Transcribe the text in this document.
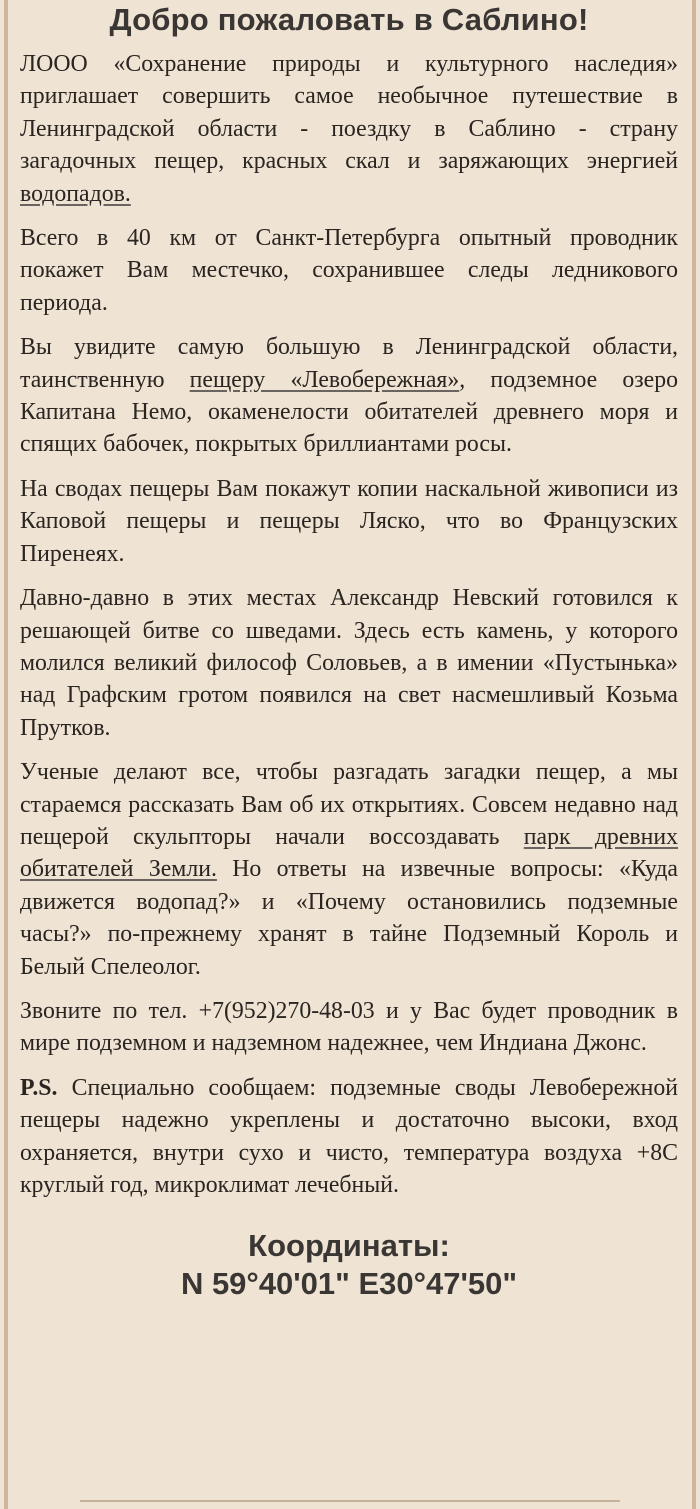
Добро пожаловать в Саблино!

ЛООО «Сохранение природы и культурного наследия» приглашает совершить самое необычное путешествие в Ленинградской области - поездку в Саблино - страну загадочных пещер, красных скал и заряжающих энергией водопадов.

Всего в 40 км от Санкт-Петербурга опытный проводник покажет Вам местечко, сохранившее следы ледникового периода.

Вы увидите самую большую в Ленинградской области, таинственную пещеру «Левобережная», подземное озеро Капитана Немо, окаменелости обитателей древнего моря и спящих бабочек, покрытых бриллиантами росы.

На сводах пещеры Вам покажут копии наскальной живописи из Каповой пещеры и пещеры Ляско, что во Французских Пиренеях.

Давно-давно в этих местах Александр Невский готовился к решающей битве со шведами. Здесь есть камень, у которого молился великий философ Соловьев, а в имении «Пустынька» над Графским гротом появился на свет насмешливый Козьма Прутков.

Ученые делают все, чтобы разгадать загадки пещер, а мы стараемся рассказать Вам об их открытиях. Совсем недавно над пещерой скульпторы начали воссоздавать парк древних обитателей Земли. Но ответы на извечные вопросы: «Куда движется водопад?» и «Почему остановились подземные часы?» по-прежнему хранят в тайне Подземный Король и Белый Спелеолог.

Звоните по тел. +7(952)270-48-03 и у Вас будет проводник в мире подземном и надземном надежнее, чем Индиана Джонс.

P.S. Специально сообщаем: подземные своды Левобережной пещеры надежно укреплены и достаточно высоки, вход охраняется, внутри сухо и чисто, температура воздуха +8С круглый год, микроклимат лечебный.

Координаты:
N 59°40'01" E30°47'50"
